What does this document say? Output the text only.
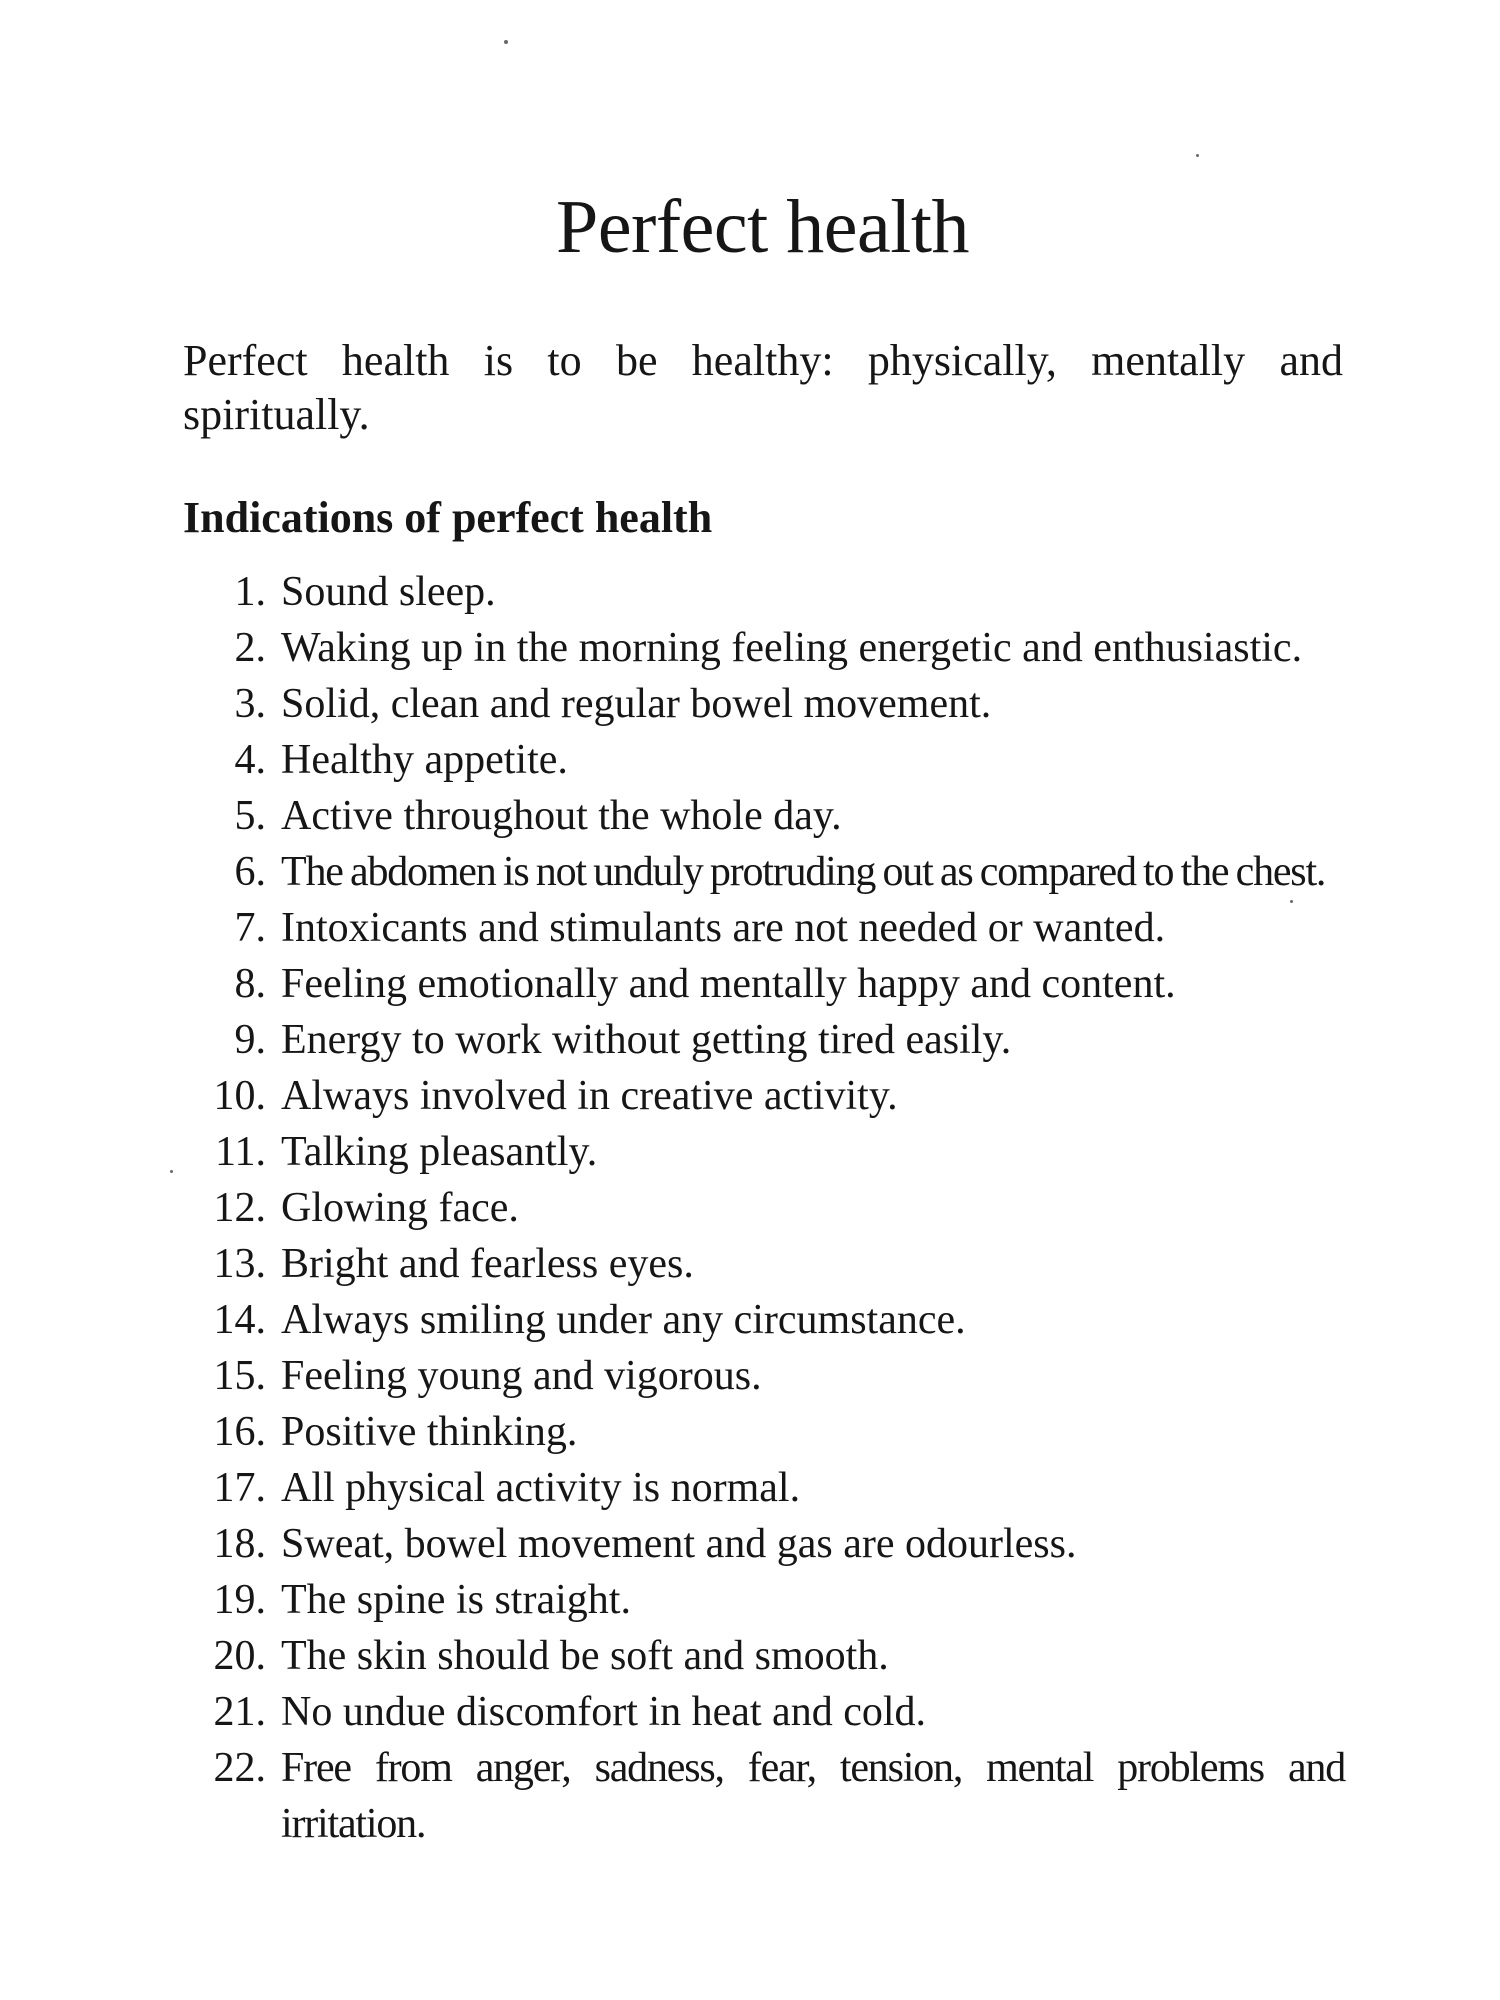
Perfect health

Perfect health is to be healthy: physically, mentally and spiritually.

Indications of perfect health
1. Sound sleep.
2. Waking up in the morning feeling energetic and enthusiastic.
3. Solid, clean and regular bowel movement.
4. Healthy appetite.
5. Active throughout the whole day.
6. The abdomen is not unduly protruding out as compared to the chest.
7. Intoxicants and stimulants are not needed or wanted.
8. Feeling emotionally and mentally happy and content.
9. Energy to work without getting tired easily.
10. Always involved in creative activity.
11. Talking pleasantly.
12. Glowing face.
13. Bright and fearless eyes.
14. Always smiling under any circumstance.
15. Feeling young and vigorous.
16. Positive thinking.
17. All physical activity is normal.
18. Sweat, bowel movement and gas are odourless.
19. The spine is straight.
20. The skin should be soft and smooth.
21. No undue discomfort in heat and cold.
22. Free from anger, sadness, fear, tension, mental problems and irritation.
